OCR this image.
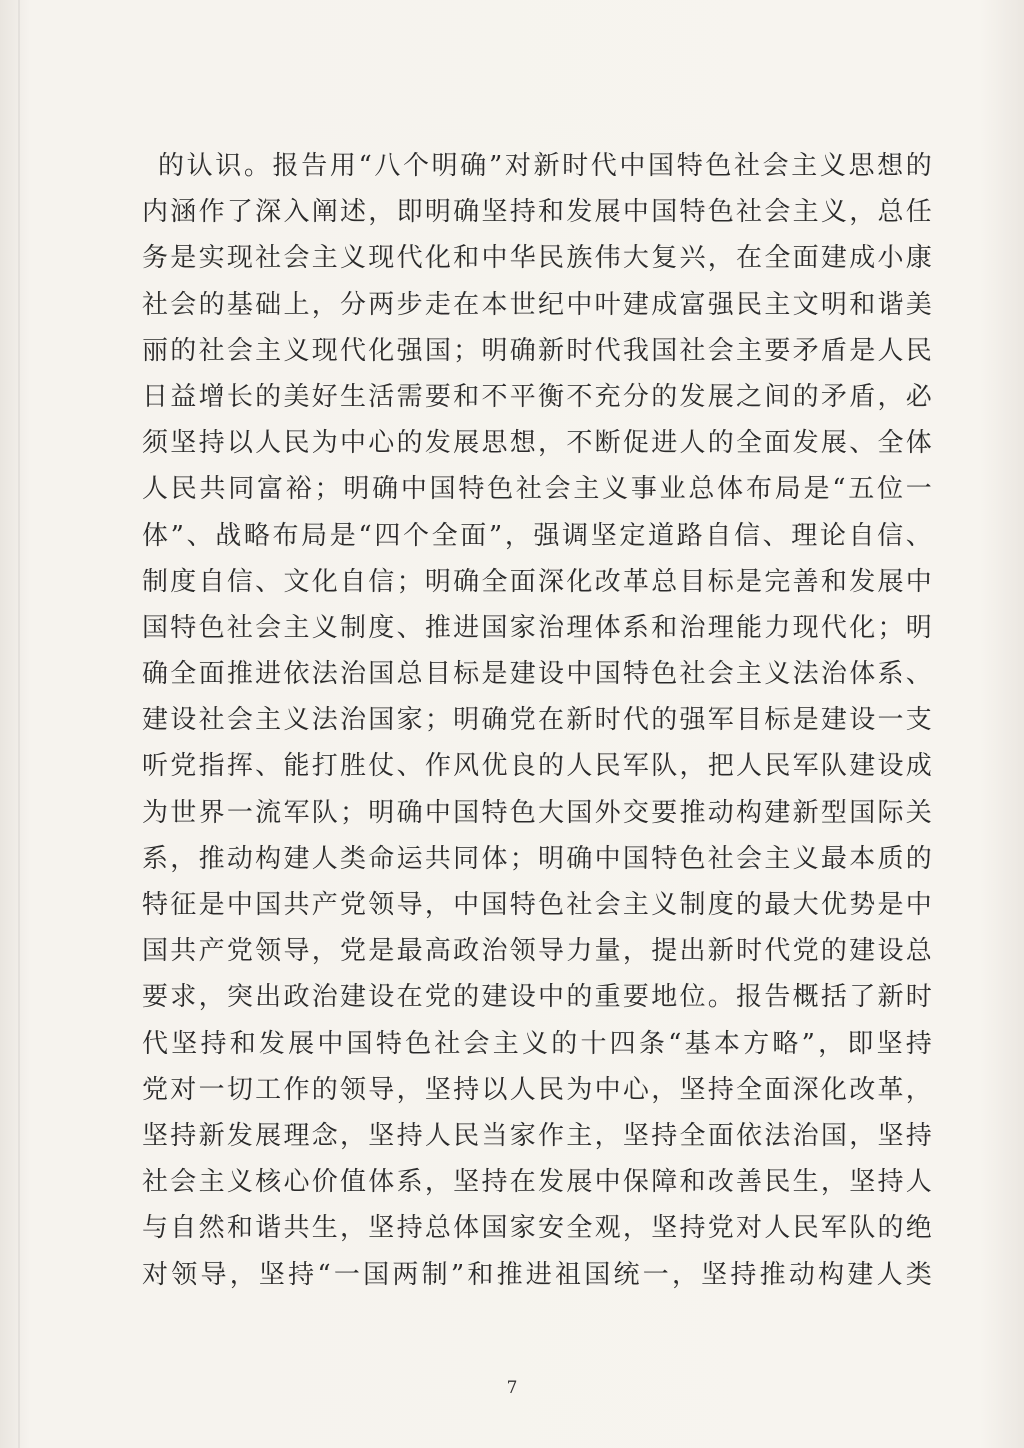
的认识。报告用“八个明确”对新时代中国特色社会主义思想的
内涵作了深入阐述，即明确坚持和发展中国特色社会主义，总任
务是实现社会主义现代化和中华民族伟大复兴，在全面建成小康
社会的基础上，分两步走在本世纪中叶建成富强民主文明和谐美
丽的社会主义现代化强国；明确新时代我国社会主要矛盾是人民
日益增长的美好生活需要和不平衡不充分的发展之间的矛盾，必
须坚持以人民为中心的发展思想，不断促进人的全面发展、全体
人民共同富裕；明确中国特色社会主义事业总体布局是“五位一
体”、战略布局是“四个全面”，强调坚定道路自信、理论自信、
制度自信、文化自信；明确全面深化改革总目标是完善和发展中
国特色社会主义制度、推进国家治理体系和治理能力现代化；明
确全面推进依法治国总目标是建设中国特色社会主义法治体系、
建设社会主义法治国家；明确党在新时代的强军目标是建设一支
听党指挥、能打胜仗、作风优良的人民军队，把人民军队建设成
为世界一流军队；明确中国特色大国外交要推动构建新型国际关
系，推动构建人类命运共同体；明确中国特色社会主义最本质的
特征是中国共产党领导，中国特色社会主义制度的最大优势是中
国共产党领导，党是最高政治领导力量，提出新时代党的建设总
要求，突出政治建设在党的建设中的重要地位。报告概括了新时
代坚持和发展中国特色社会主义的十四条“基本方略”，即坚持
党对一切工作的领导，坚持以人民为中心，坚持全面深化改革，
坚持新发展理念，坚持人民当家作主，坚持全面依法治国，坚持
社会主义核心价值体系，坚持在发展中保障和改善民生，坚持人
与自然和谐共生，坚持总体国家安全观，坚持党对人民军队的绝
对领导，坚持“一国两制”和推进祖国统一，坚持推动构建人类
7
